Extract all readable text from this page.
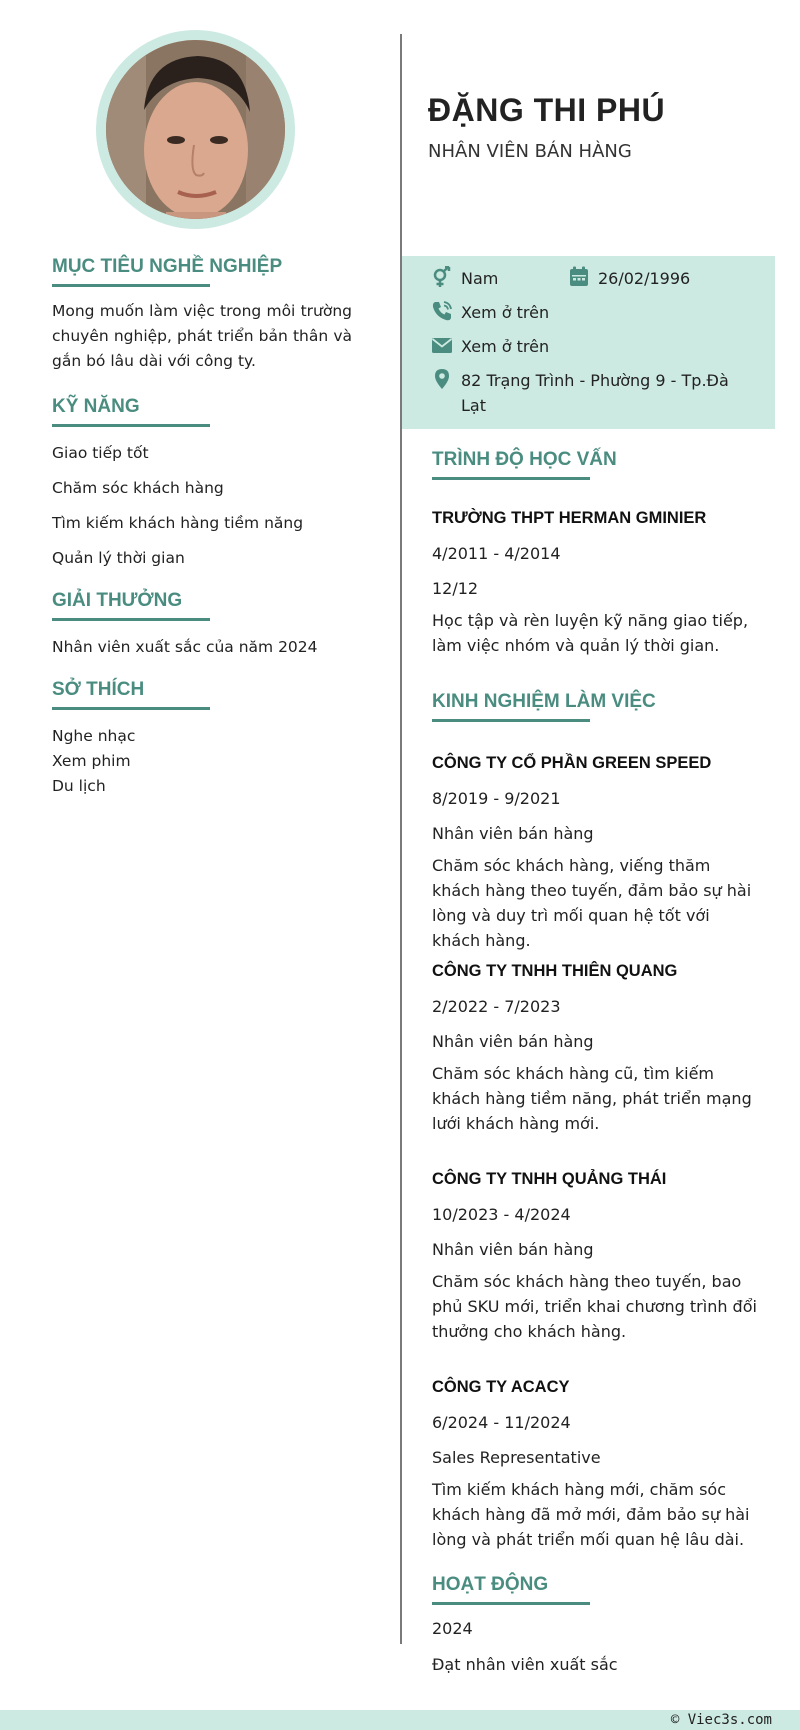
ĐẶNG THI PHÚ
NHÂN VIÊN BÁN HÀNG
Nam	26/02/1996
Xem ở trên
Xem ở trên
82 Trạng Trình - Phường 9 - Tp.Đà Lạt
MỤC TIÊU NGHỀ NGHIỆP
Mong muốn làm việc trong môi trường chuyên nghiệp, phát triển bản thân và gắn bó lâu dài với công ty.
KỸ NĂNG
Giao tiếp tốt
Chăm sóc khách hàng
Tìm kiếm khách hàng tiềm năng
Quản lý thời gian
GIẢI THƯỞNG
Nhân viên xuất sắc của năm 2024
SỞ THÍCH
Nghe nhạc
Xem phim
Du lịch
TRÌNH ĐỘ HỌC VẤN
TRƯỜNG THPT HERMAN GMINIER
4/2011 - 4/2014
12/12
Học tập và rèn luyện kỹ năng giao tiếp, làm việc nhóm và quản lý thời gian.
KINH NGHIỆM LÀM VIỆC
CÔNG TY CỔ PHẦN GREEN SPEED
8/2019 - 9/2021
Nhân viên bán hàng
Chăm sóc khách hàng, viếng thăm khách hàng theo tuyến, đảm bảo sự hài lòng và duy trì mối quan hệ tốt với khách hàng.
CÔNG TY TNHH THIÊN QUANG
2/2022 - 7/2023
Nhân viên bán hàng
Chăm sóc khách hàng cũ, tìm kiếm khách hàng tiềm năng, phát triển mạng lưới khách hàng mới.
CÔNG TY TNHH QUẢNG THÁI
10/2023 - 4/2024
Nhân viên bán hàng
Chăm sóc khách hàng theo tuyến, bao phủ SKU mới, triển khai chương trình đổi thưởng cho khách hàng.
CÔNG TY ACACY
6/2024 - 11/2024
Sales Representative
Tìm kiếm khách hàng mới, chăm sóc khách hàng đã mở mới, đảm bảo sự hài lòng và phát triển mối quan hệ lâu dài.
HOẠT ĐỘNG
2024
Đạt nhân viên xuất sắc
© Viec3s.com
